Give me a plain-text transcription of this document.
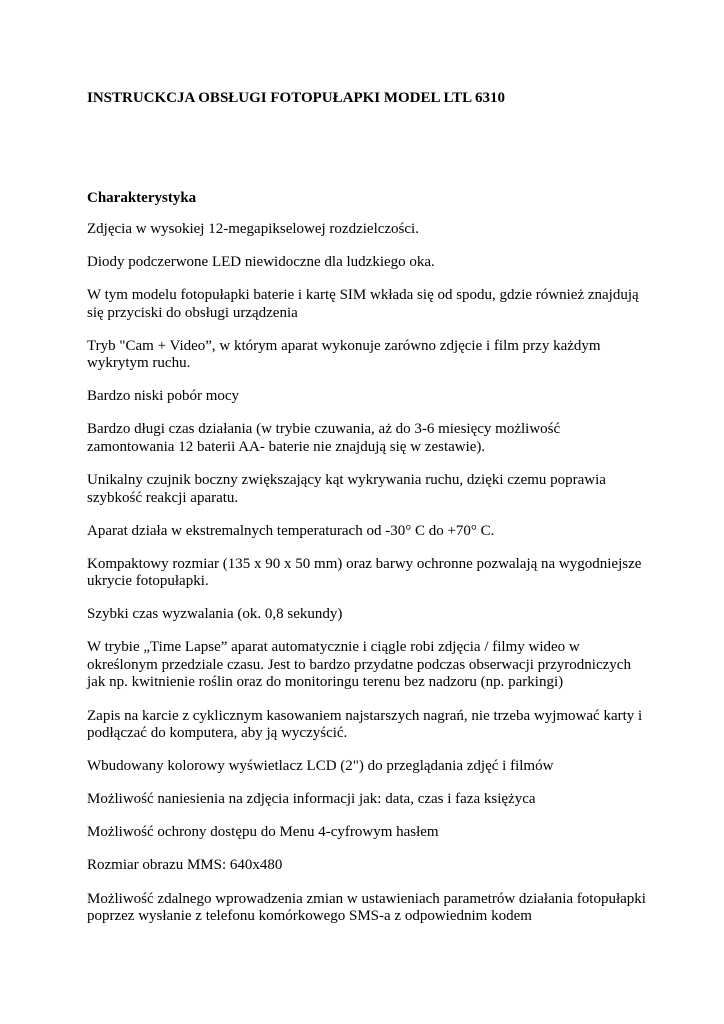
INSTRUCKCJA OBSŁUGI FOTOPUŁAPKI MODEL LTL 6310
Charakterystyka
Zdjęcia w wysokiej 12-megapikselowej rozdzielczości.
Diody podczerwone LED niewidoczne dla ludzkiego oka.
W tym modelu fotopułapki baterie i kartę SIM wkłada się od spodu, gdzie również znajdują się przyciski do obsługi urządzenia
Tryb "Cam + Video”, w którym aparat wykonuje zarówno zdjęcie i film przy każdym wykrytym ruchu.
Bardzo niski pobór mocy
Bardzo długi czas działania (w trybie czuwania, aż do 3-6 miesięcy możliwość zamontowania 12 baterii AA- baterie nie znajdują się w zestawie).
Unikalny czujnik boczny zwiększający kąt wykrywania ruchu, dzięki czemu poprawia szybkość reakcji aparatu.
Aparat działa w ekstremalnych temperaturach od -30° C do +70° C.
Kompaktowy rozmiar (135 x 90 x 50 mm) oraz barwy ochronne pozwalają na wygodniejsze ukrycie fotopułapki.
Szybki czas wyzwalania (ok. 0,8 sekundy)
W trybie „Time Lapse” aparat automatycznie i ciągle robi zdjęcia / filmy wideo w określonym przedziale czasu. Jest to bardzo przydatne podczas obserwacji przyrodniczych jak np. kwitnienie roślin oraz do monitoringu terenu bez nadzoru (np. parkingi)
Zapis na karcie z cyklicznym kasowaniem najstarszych nagrań, nie trzeba wyjmować karty i podłączać do komputera, aby ją wyczyścić.
Wbudowany kolorowy wyświetlacz LCD (2") do przeglądania zdjęć i filmów
Możliwość naniesienia na zdjęcia informacji jak: data, czas i faza księżyca
Możliwość ochrony dostępu do Menu 4-cyfrowym hasłem
Rozmiar obrazu MMS: 640x480
Możliwość zdalnego wprowadzenia zmian w ustawieniach parametrów działania fotopułapki poprzez wysłanie z telefonu komórkowego SMS-a z odpowiednim kodem
